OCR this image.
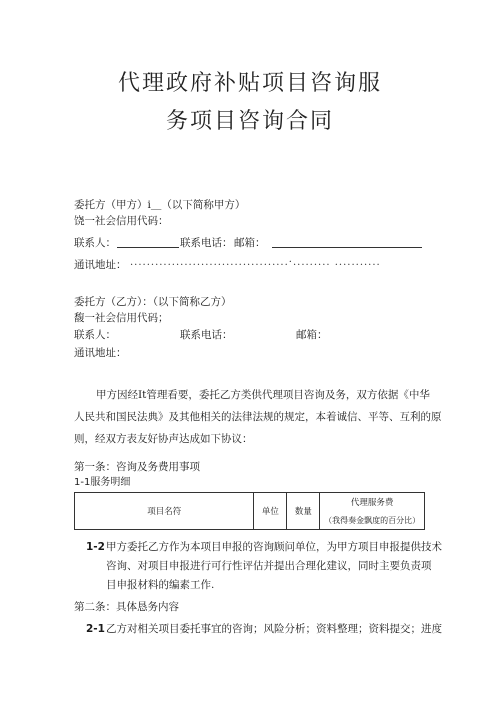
代理政府补贴项目咨询服
务项目咨询合同
委托方（甲方）i＿（以下简称甲方）
饶一社会信用代码：
联系人：	联系电话： 邮箱：
通讯地址： ......................................·......... ...........
委托方（乙方）：（以下简称乙方）
馥一社会信用代码；
联系人：	联系电话：	邮箱：
通讯地址：
甲方因经It管理看要，委托乙方类供代理项目咨询及务，双方依据《中华
人民共和国民法典》及其他相关的法律法规的规定，本着诚信、平等、互利的原
则，经双方表友好协声达成如下协议：
第一条：咨询及务费用事项
1-1服务明细
项目名符	单位	数量	代理服务费
（我得奏金飘度的百分比）
1-2 甲方委托乙方作为本项目申报的咨询顾问单位，为甲方项目申报提供技术
咨询、对项目申报进行可行性评估并提出合理化建议，同时主要负责项
目申报材料的编素工作.
第二条：具体恳务内容
2-1 乙方对相关项目委托事宜的咨询；风险分析；资料整理；资料提交；进度
